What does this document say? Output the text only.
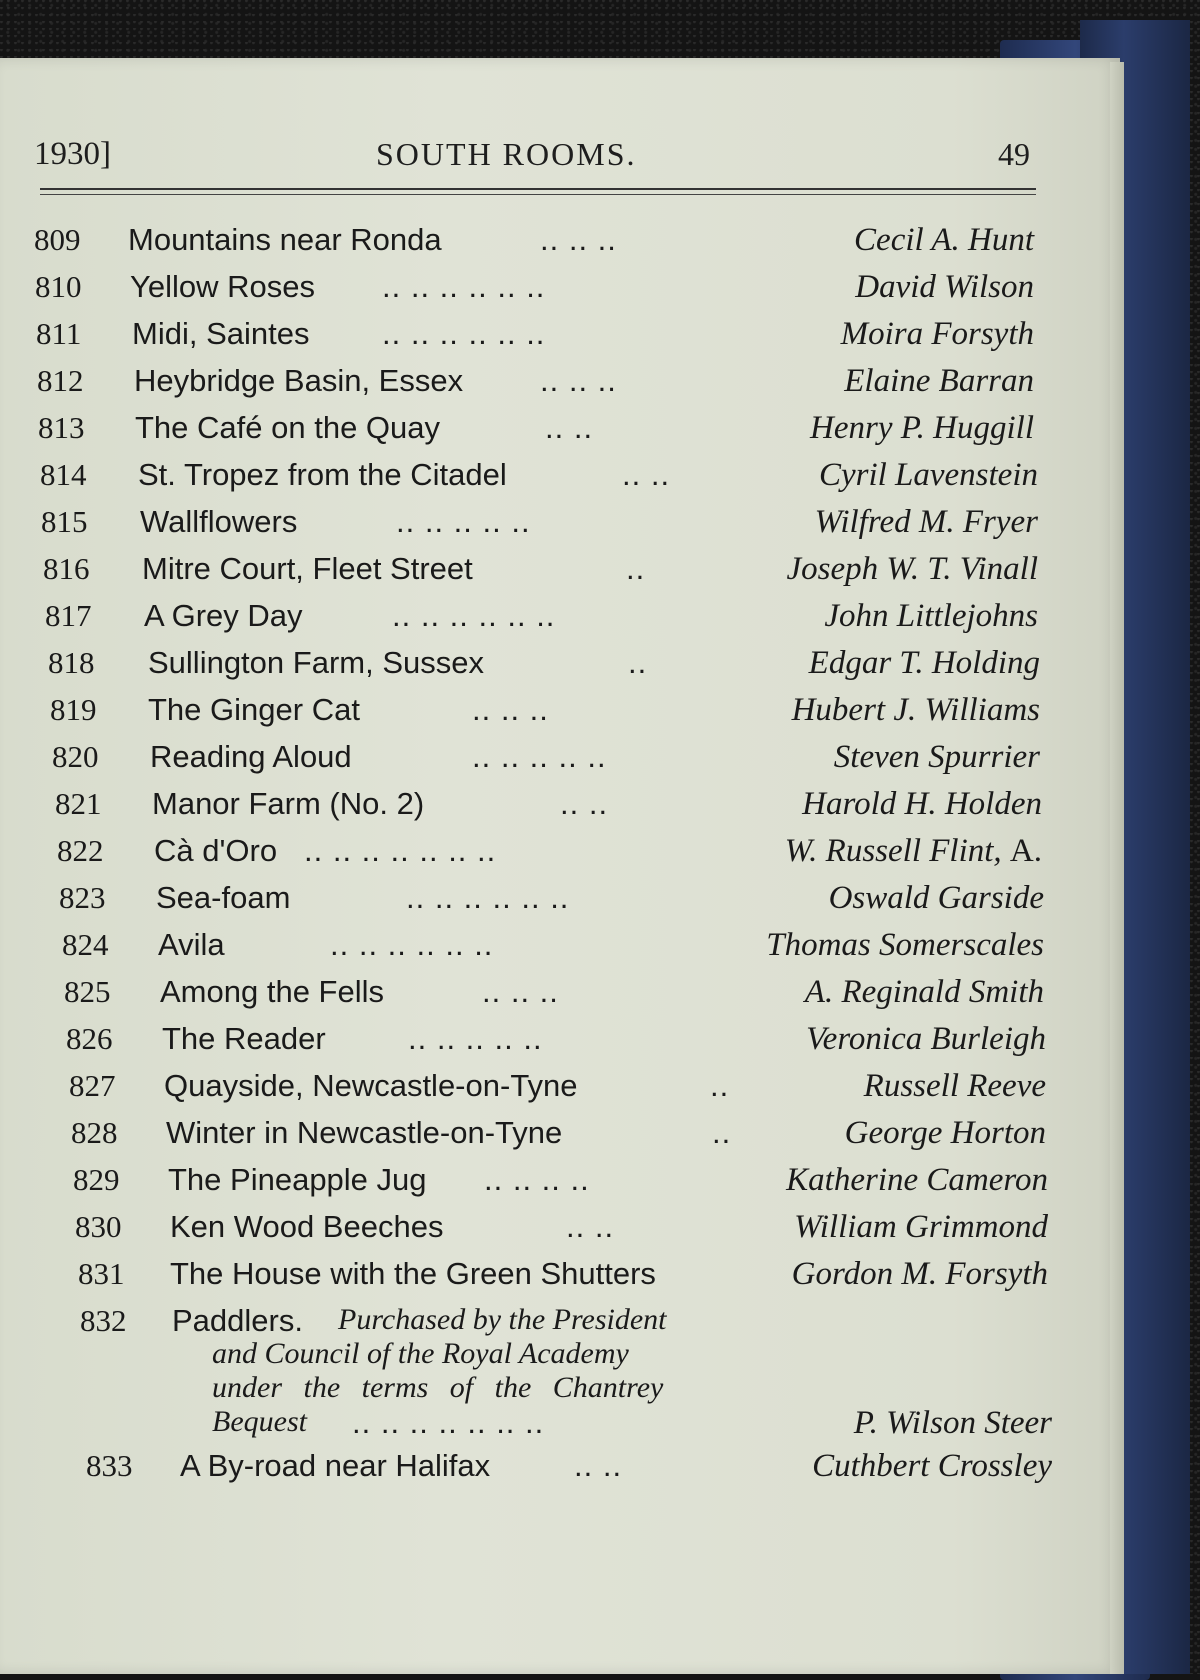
1930]	SOUTH ROOMS.	49
809 Mountains near Ronda	.. .. ..	Cecil A. Hunt
810 Yellow Roses .. .. .. .. .. ..	David Wilson
811 Midi, Saintes .. .. .. .. .. ..	Moira Forsyth
812 Heybridge Basin, Essex .. .. ..	Elaine Barran
813 The Café on the Quay	.. ..	Henry P. Huggill
814 St. Tropez from the Citadel	.. ..	Cyril Lavenstein
815 Wallflowers	.. .. .. .. ..	Wilfred M. Fryer
816 Mitre Court, Fleet Street	..	Joseph W. T. Vinall
817 A Grey Day	.. .. .. .. .. ..	John Littlejohns
818 Sullington Farm, Sussex	..	Edgar T. Holding
819 The Ginger Cat	.. .. ..	Hubert J. Williams
820 Reading Aloud	.. .. .. .. ..	Steven Spurrier
821 Manor Farm (No. 2)	.. ..	Harold H. Holden
822 Cà d'Oro .. .. .. .. .. .. ..	W. Russell Flint, A.
823 Sea-foam	.. .. .. .. .. ..	Oswald Garside
824 Avila	.. .. .. .. .. ..	Thomas Somerscales
825 Among the Fells	.. .. ..	A. Reginald Smith
826 The Reader	.. .. .. .. ..	Veronica Burleigh
827 Quayside, Newcastle-on-Tyne	..	Russell Reeve
828 Winter in Newcastle-on-Tyne	..	George Horton
829 The Pineapple Jug .. .. .. ..	Katherine Cameron
830 Ken Wood Beeches	.. ..	William Grimmond
831 The House with the Green Shutters	Gordon M. Forsyth
832 Paddlers. Purchased by the President
and Council of the Royal Academy
under the terms of the Chantrey
Bequest .. .. .. .. .. .. ..	P. Wilson Steer
833 A By-road near Halifax	.. ..	Cuthbert Crossley
